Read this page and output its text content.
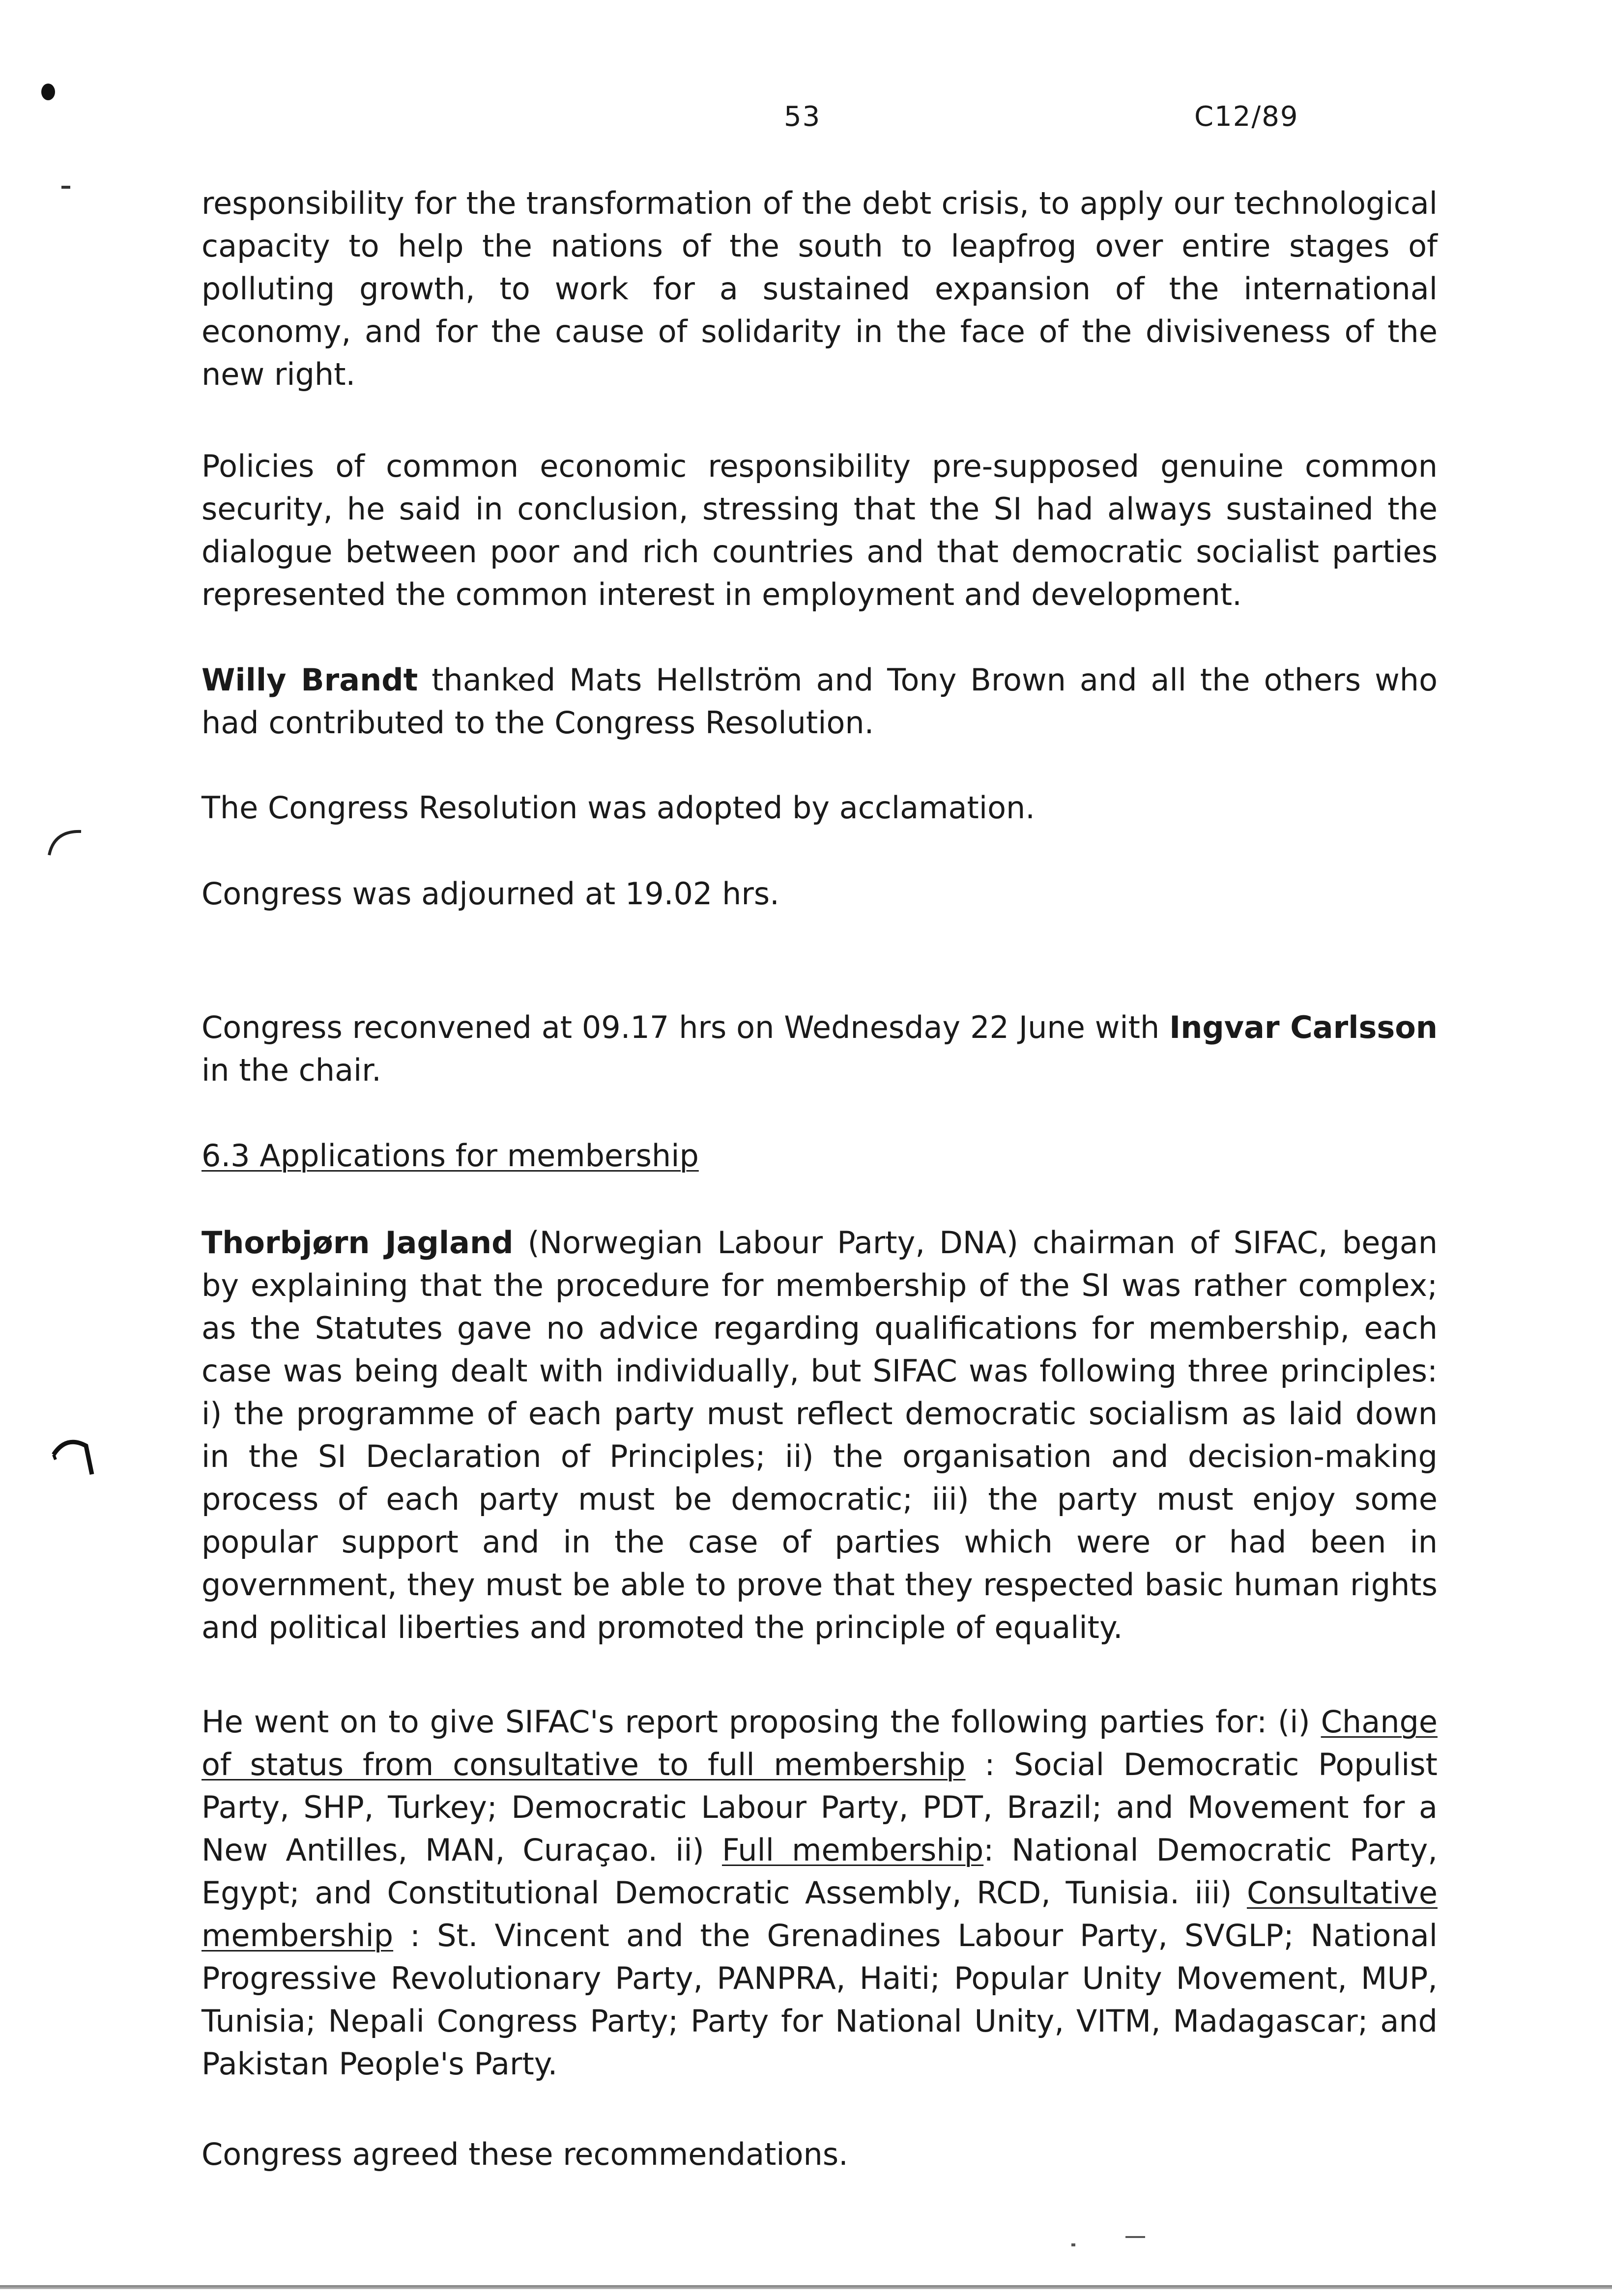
53	C12/89

responsibility for the transformation of the debt crisis, to apply our technological capacity to help the nations of the south to leapfrog over entire stages of polluting growth, to work for a sustained expansion of the international economy, and for the cause of solidarity in the face of the divisiveness of the new right.

Policies of common economic responsibility pre-supposed genuine common security, he said in conclusion, stressing that the SI had always sustained the dialogue between poor and rich countries and that democratic socialist parties represented the common interest in employment and development.

Willy Brandt thanked Mats Hellström and Tony Brown and all the others who had contributed to the Congress Resolution.

The Congress Resolution was adopted by acclamation.

Congress was adjourned at 19.02 hrs.

Congress reconvened at 09.17 hrs on Wednesday 22 June with Ingvar Carlsson in the chair.

6.3 Applications for membership

Thorbjørn Jagland (Norwegian Labour Party, DNA) chairman of SIFAC, began by explaining that the procedure for membership of the SI was rather complex; as the Statutes gave no advice regarding qualifications for membership, each case was being dealt with individually, but SIFAC was following three principles: i) the programme of each party must reflect democratic socialism as laid down in the SI Declaration of Principles; ii) the organisation and decision-making process of each party must be democratic; iii) the party must enjoy some popular support and in the case of parties which were or had been in government, they must be able to prove that they respected basic human rights and political liberties and promoted the principle of equality.

He went on to give SIFAC's report proposing the following parties for: (i) Change of status from consultative to full membership : Social Democratic Populist Party, SHP, Turkey; Democratic Labour Party, PDT, Brazil; and Movement for a New Antilles, MAN, Curaçao. ii) Full membership: National Democratic Party, Egypt; and Constitutional Democratic Assembly, RCD, Tunisia. iii) Consultative membership : St. Vincent and the Grenadines Labour Party, SVGLP; National Progressive Revolutionary Party, PANPRA, Haiti; Popular Unity Movement, MUP, Tunisia; Nepali Congress Party; Party for National Unity, VITM, Madagascar; and Pakistan People's Party.

Congress agreed these recommendations.
